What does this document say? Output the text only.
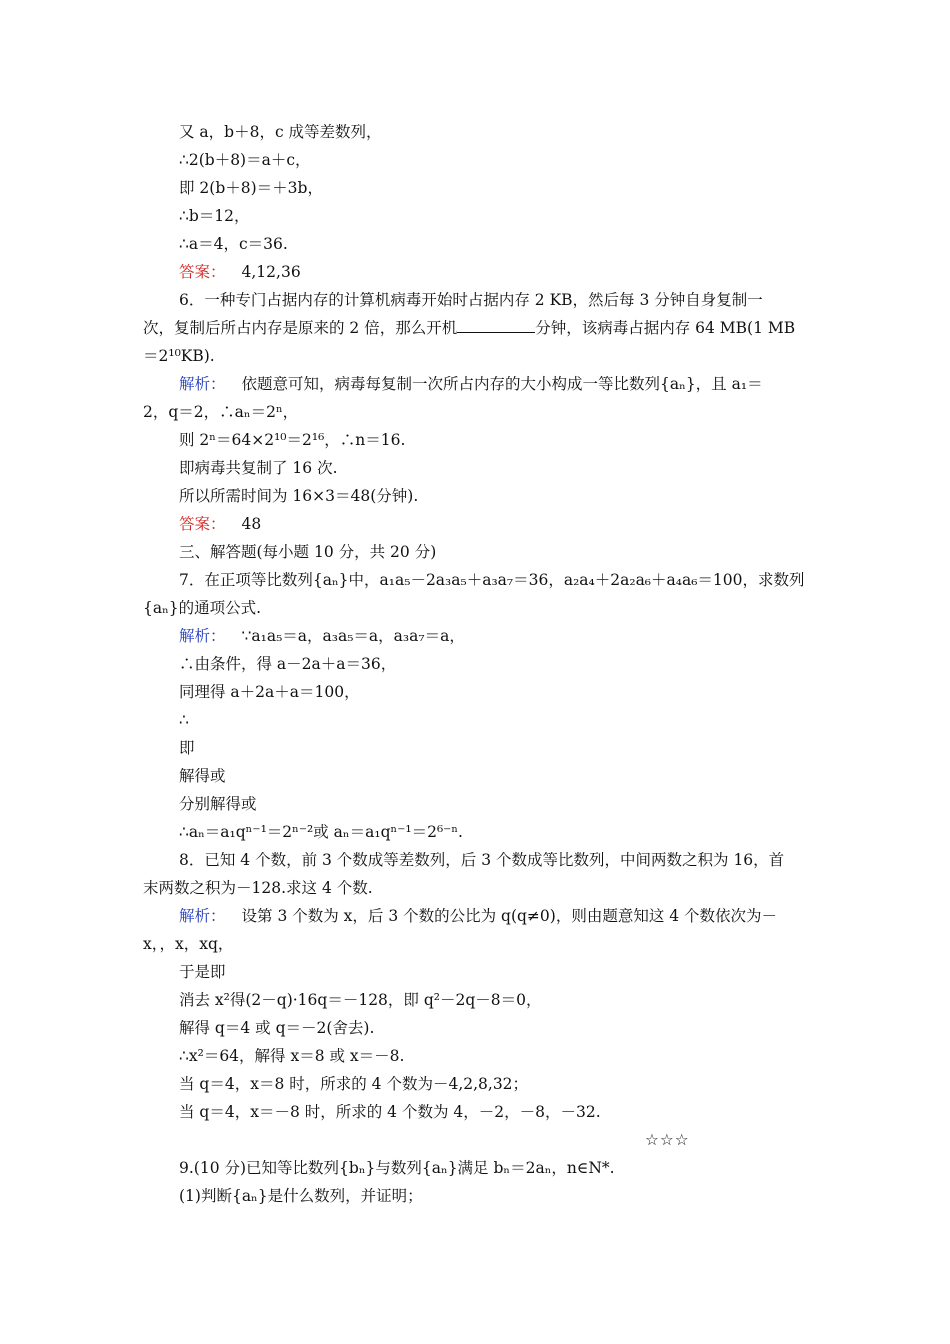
又 a，b＋8，c 成等差数列，
∴2(b＋8)＝a＋c，
即 2(b＋8)＝＋3b，
∴b＝12，
∴a＝4，c＝36.
答案： 4,12,36
6．一种专门占据内存的计算机病毒开始时占据内存 2 KB，然后每 3 分钟自身复制一
次，复制后所占内存是原来的 2 倍，那么开机	分钟，该病毒占据内存 64 MB(1 MB
＝2¹⁰KB).
解析： 依题意可知，病毒每复制一次所占内存的大小构成一等比数列{aₙ}，且 a₁＝
2，q＝2，∴aₙ＝2ⁿ，
则 2ⁿ＝64×2¹⁰＝2¹⁶，∴n＝16.
即病毒共复制了 16 次.
所以所需时间为 16×3＝48(分钟).
答案： 48
三、解答题(每小题 10 分，共 20 分)
7．在正项等比数列{aₙ}中，a₁a₅－2a₃a₅＋a₃a₇＝36，a₂a₄＋2a₂a₆＋a₄a₆＝100，求数列
{aₙ}的通项公式.
解析： ∵a₁a₅＝a，a₃a₅＝a，a₃a₇＝a，
∴由条件，得 a－2a＋a＝36，
同理得 a＋2a＋a＝100，
∴
即
解得或
分别解得或
∴aₙ＝a₁qⁿ⁻¹＝2ⁿ⁻²或 aₙ＝a₁qⁿ⁻¹＝2⁶⁻ⁿ.
8．已知 4 个数，前 3 个数成等差数列，后 3 个数成等比数列，中间两数之积为 16，首
末两数之积为－128.求这 4 个数.
解析： 设第 3 个数为 x，后 3 个数的公比为 q(q≠0)，则由题意知这 4 个数依次为－
x，，x，xq，
于是即
消去 x²得(2－q)·16q＝－128，即 q²－2q－8＝0，
解得 q＝4 或 q＝－2(舍去).
∴x²＝64，解得 x＝8 或 x＝－8.
当 q＝4，x＝8 时，所求的 4 个数为－4,2,8,32；
当 q＝4，x＝－8 时，所求的 4 个数为 4，－2，－8，－32.
☆☆☆
9.(10 分)已知等比数列{bₙ}与数列{aₙ}满足 bₙ＝2aₙ，n∈N*.
(1)判断{aₙ}是什么数列，并证明；
